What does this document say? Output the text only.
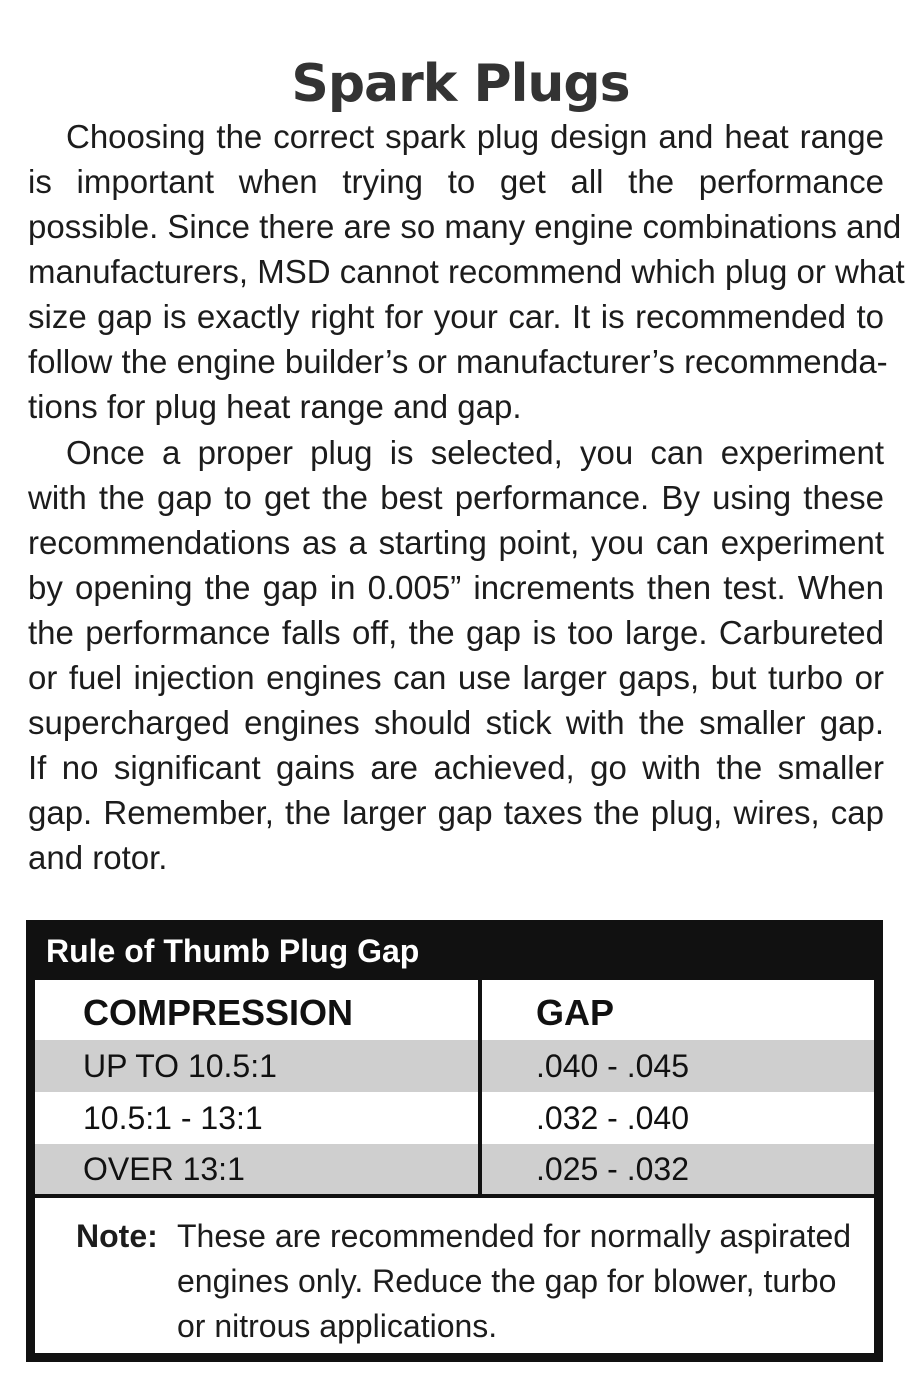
Spark Plugs
Choosing the correct spark plug design and heat range
is important when trying to get all the performance
possible. Since there are so many engine combinations and
manufacturers, MSD cannot recommend which plug or what
size gap is exactly right for your car. It is recommended to
follow the engine builder’s or manufacturer’s recommenda-
tions for plug heat range and gap.
Once a proper plug is selected, you can experiment
with the gap to get the best performance. By using these
recommendations as a starting point, you can experiment
by opening the gap in 0.005” increments then test. When
the performance falls off, the gap is too large. Carbureted
or fuel injection engines can use larger gaps, but turbo or
supercharged engines should stick with the smaller gap.
If no significant gains are achieved, go with the smaller
gap. Remember, the larger gap taxes the plug, wires, cap
and rotor.
Rule of Thumb Plug Gap
COMPRESSION	GAP
UP TO 10.5:1	.040 - .045
10.5:1 - 13:1	.032 - .040
OVER 13:1	.025 - .032
Note: These are recommended for normally aspirated
engines only. Reduce the gap for blower, turbo
or nitrous applications.
